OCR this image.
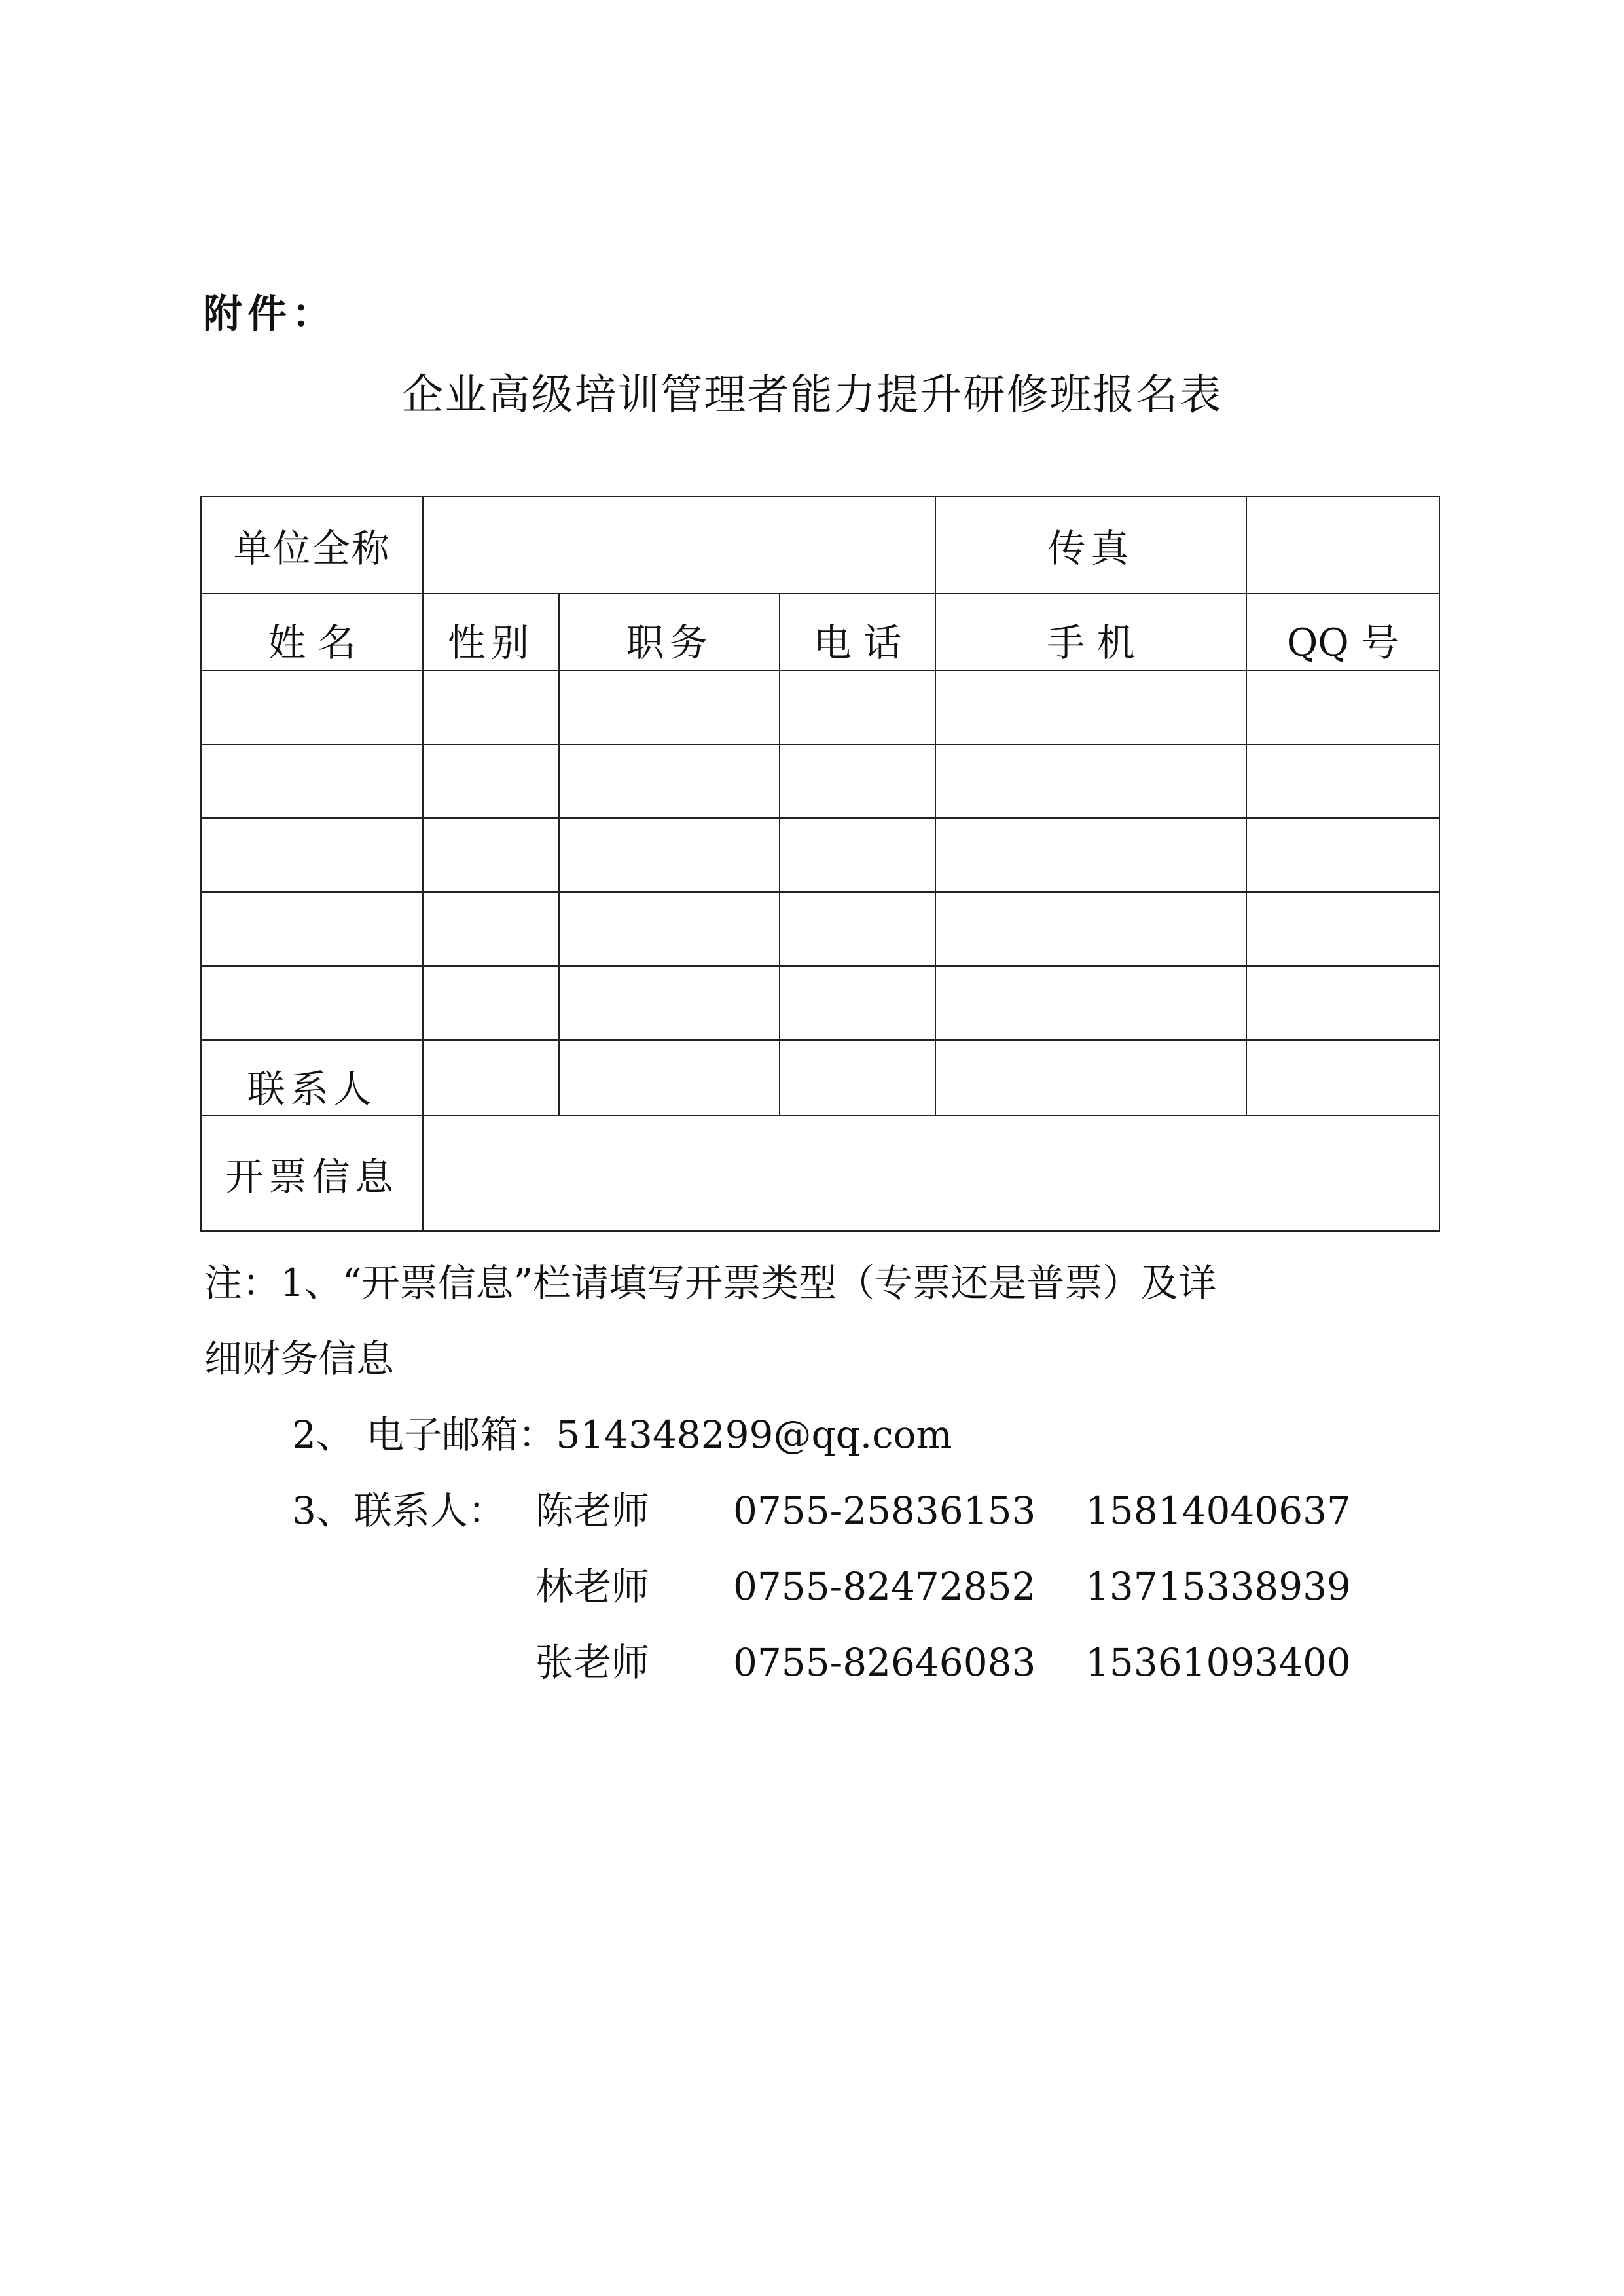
附件：
企业高级培训管理者能力提升研修班报名表
单位全称				传真	
姓 名	性别	职务	电 话	手 机	QQ 号

联系人					
开票信息					
注：1、“开票信息”栏请填写开票类型（专票还是普票）及详
细财务信息
2、 电子邮箱：514348299@qq.com
3、联系人： 陈老师 0755-25836153 15814040637
林老师 0755-82472852 13715338939
张老师 0755-82646083 15361093400
